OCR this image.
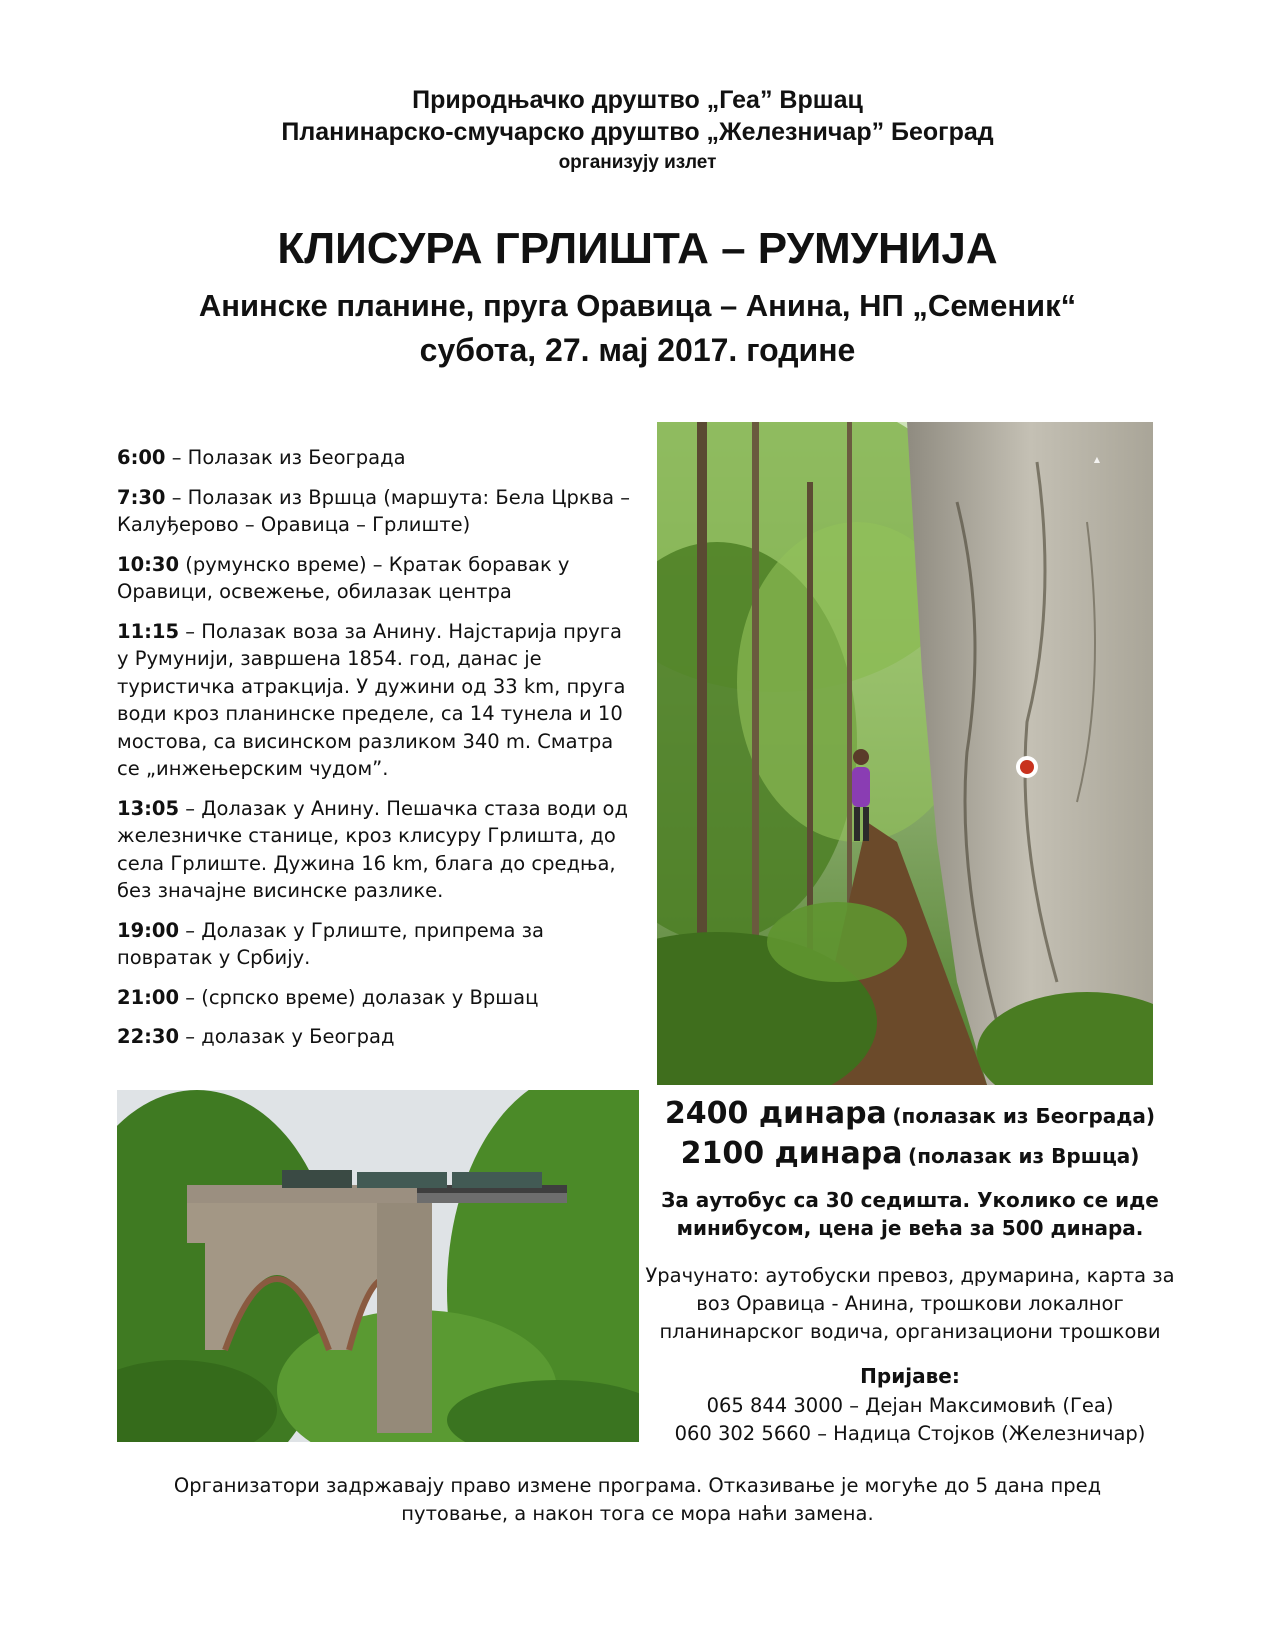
Природњачко друштво „Геа” Вршац
Планинарско-смучарско друштво „Железничар” Београд
организују излет
КЛИСУРА ГРЛИШТА – РУМУНИЈА
Анинске планине, пруга Оравица – Анина, НП „Семеник“
субота, 27. мај 2017. године
6:00 – Полазак из Београда
7:30 – Полазак из Вршца (маршута: Бела Црква – Калуђерово – Оравица – Грлиште)
10:30 (румунско време) – Кратак боравак у Оравици, освежење, обилазак центра
11:15 – Полазак воза за Анину. Најстарија пруга у Румунији, завршена 1854. год, данас је туристичка атракција. У дужини од 33 km, пруга води кроз планинске пределе, са 14 тунела и 10 мостова, са висинском разликом 340 m. Сматра се „инжењерским чудом”.
13:05 – Долазак у Анину. Пешачка стаза води од железничке станице, кроз клисуру Грлишта, до села Грлиште. Дужина 16 km, блага до средња, без значајне висинске разлике.
19:00 – Долазак у Грлиште, припрема за повратак у Србију.
21:00 – (српско време) долазак у Вршац
22:30 – долазак у Београд
▲
2400 динара (полазак из Београда)
2100 динара (полазак из Вршца)
За аутобус са 30 седишта. Уколико се иде минибусом, цена је већа за 500 динара.
Урачунато: аутобуски превоз, друмарина, карта за воз Оравица - Анина, трошкови локалног планинарског водича, организациони трошкови
Пријаве:
065 844 3000 – Дејан Максимовић (Геа)
060 302 5660 – Надица Стојков (Железничар)
Организатори задржавају право измене програма. Отказивање је могуће до 5 дана пред путовање, а након тога се мора наћи замена.
